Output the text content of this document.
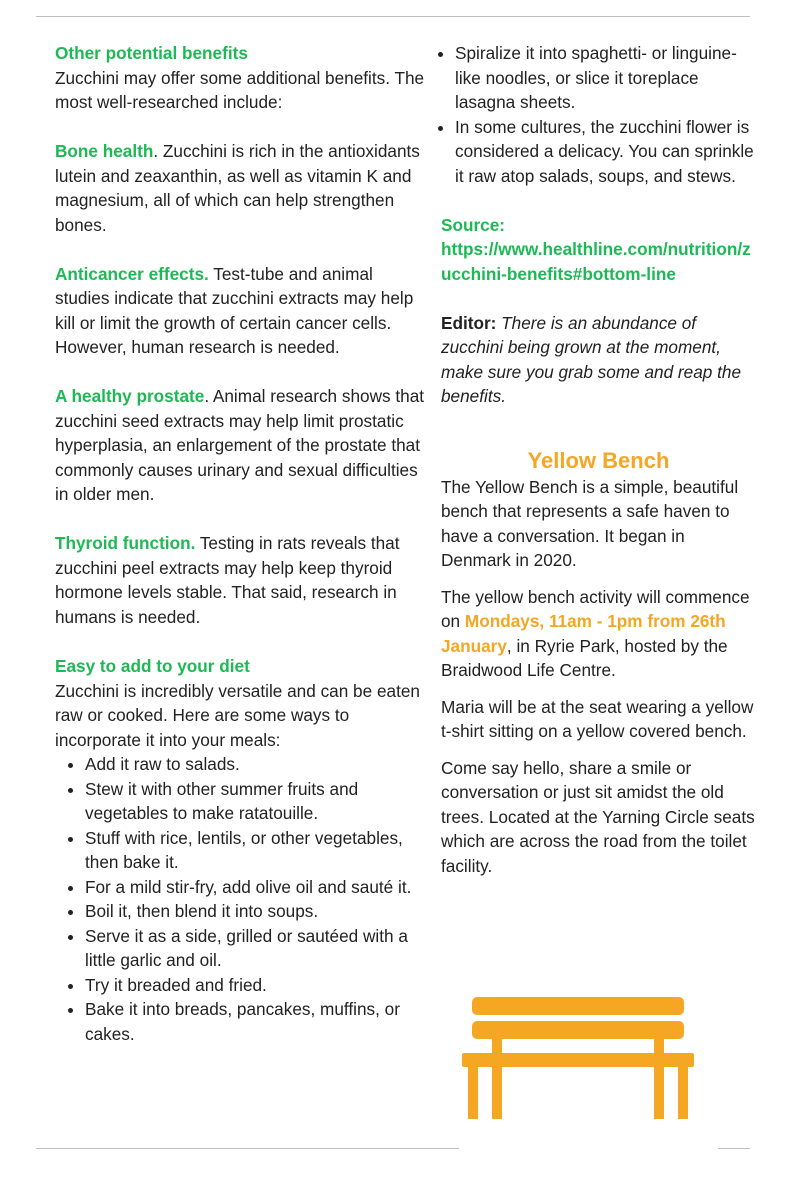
Other potential benefits

Zucchini may offer some additional benefits. The most well-researched include:

Bone health. Zucchini is rich in the antioxidants lutein and zeaxanthin, as well as vitamin K and magnesium, all of which can help strengthen bones.

Anticancer effects. Test-tube and animal studies indicate that zucchini extracts may help kill or limit the growth of certain cancer cells. However, human research is needed.

A healthy prostate. Animal research shows that zucchini seed extracts may help limit prostatic hyperplasia, an enlargement of the prostate that commonly causes urinary and sexual difficulties in older men.

Thyroid function. Testing in rats reveals that zucchini peel extracts may help keep thyroid hormone levels stable. That said, research in humans is needed.

Easy to add to your diet

Zucchini is incredibly versatile and can be eaten raw or cooked. Here are some ways to incorporate it into your meals:

• Add it raw to salads.
• Stew it with other summer fruits and vegetables to make ratatouille.
• Stuff with rice, lentils, or other vegetables, then bake it.
• For a mild stir-fry, add olive oil and sauté it.
• Boil it, then blend it into soups.
• Serve it as a side, grilled or sautéed with a little garlic and oil.
• Try it breaded and fried.
• Bake it into breads, pancakes, muffins, or cakes.
• Spiralize it into spaghetti- or linguine-like noodles, or slice it toreplace lasagna sheets.
• In some cultures, the zucchini flower is considered a delicacy. You can sprinkle it raw atop salads, soups, and stews.

Source:

https://www.healthline.com/nutrition/zucchini-benefits#bottom-line

Editor: There is an abundance of zucchini being grown at the moment, make sure you grab some and reap the benefits.

Yellow Bench

The Yellow Bench is a simple, beautiful bench that represents a safe haven to have a conversation. It began in Denmark in 2020.

The yellow bench activity will commence on Mondays, 11am - 1pm from 26th January, in Ryrie Park, hosted by the Braidwood Life Centre.

Maria will be at the seat wearing a yellow t-shirt sitting on a yellow covered bench.

Come say hello, share a smile or conversation or just sit amidst the old trees. Located at the Yarning Circle seats which are across the road from the toilet facility.
